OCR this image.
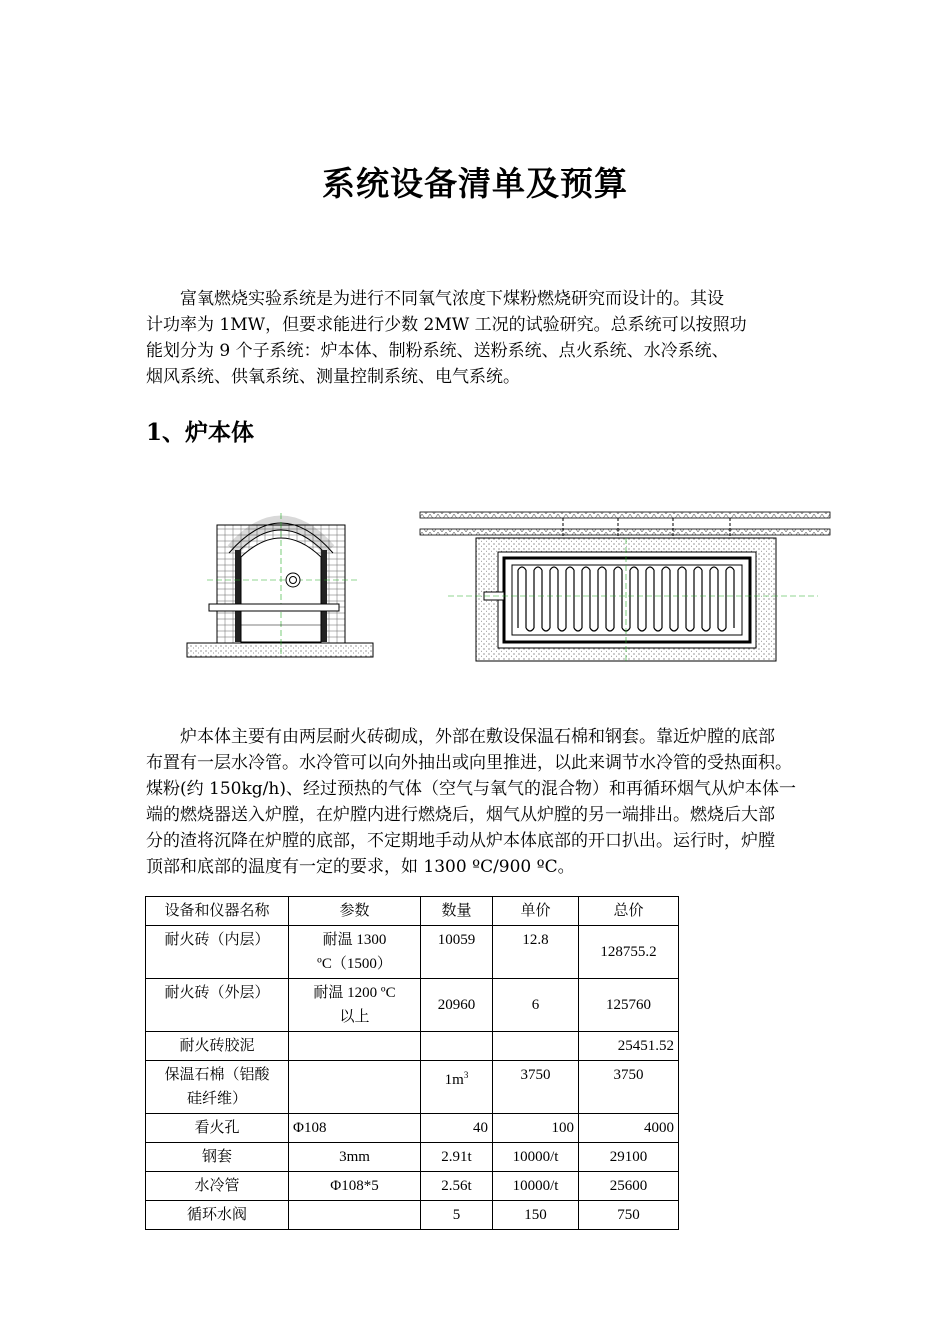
系统设备清单及预算
富氧燃烧实验系统是为进行不同氧气浓度下煤粉燃烧研究而设计的。其设
计功率为 1MW，但要求能进行少数 2MW 工况的试验研究。总系统可以按照功
能划分为 9 个子系统：炉本体、制粉系统、送粉系统、点火系统、水冷系统、
烟风系统、供氧系统、测量控制系统、电气系统。
1、炉本体
炉本体主要有由两层耐火砖砌成，外部在敷设保温石棉和钢套。靠近炉膛的底部
布置有一层水冷管。水冷管可以向外抽出或向里推进，以此来调节水冷管的受热面积。
煤粉(约 150kg/h)、经过预热的气体（空气与氧气的混合物）和再循环烟气从炉本体一
端的燃烧器送入炉膛，在炉膛内进行燃烧后，烟气从炉膛的另一端排出。燃烧后大部
分的渣将沉降在炉膛的底部，不定期地手动从炉本体底部的开口扒出。运行时，炉膛
顶部和底部的温度有一定的要求，如 1300 ºC/900 ºC。
设备和仪器名称	参数	数量	单价	总价
耐火砖（内层）	耐温 1300
ºC（1500）	10059	12.8	128755.2
耐火砖（外层）	耐温 1200 ºC
以上	20960	6	125760
耐火砖胶泥				25451.52
保温石棉（铝酸
硅纤维）		$1m^3$	3750	3750
看火孔	Φ108	40	100	4000
钢套	3mm	2.91t	10000/t	29100
水冷管	Φ108*5	2.56t	10000/t	25600
循环水阀		5	150	750
